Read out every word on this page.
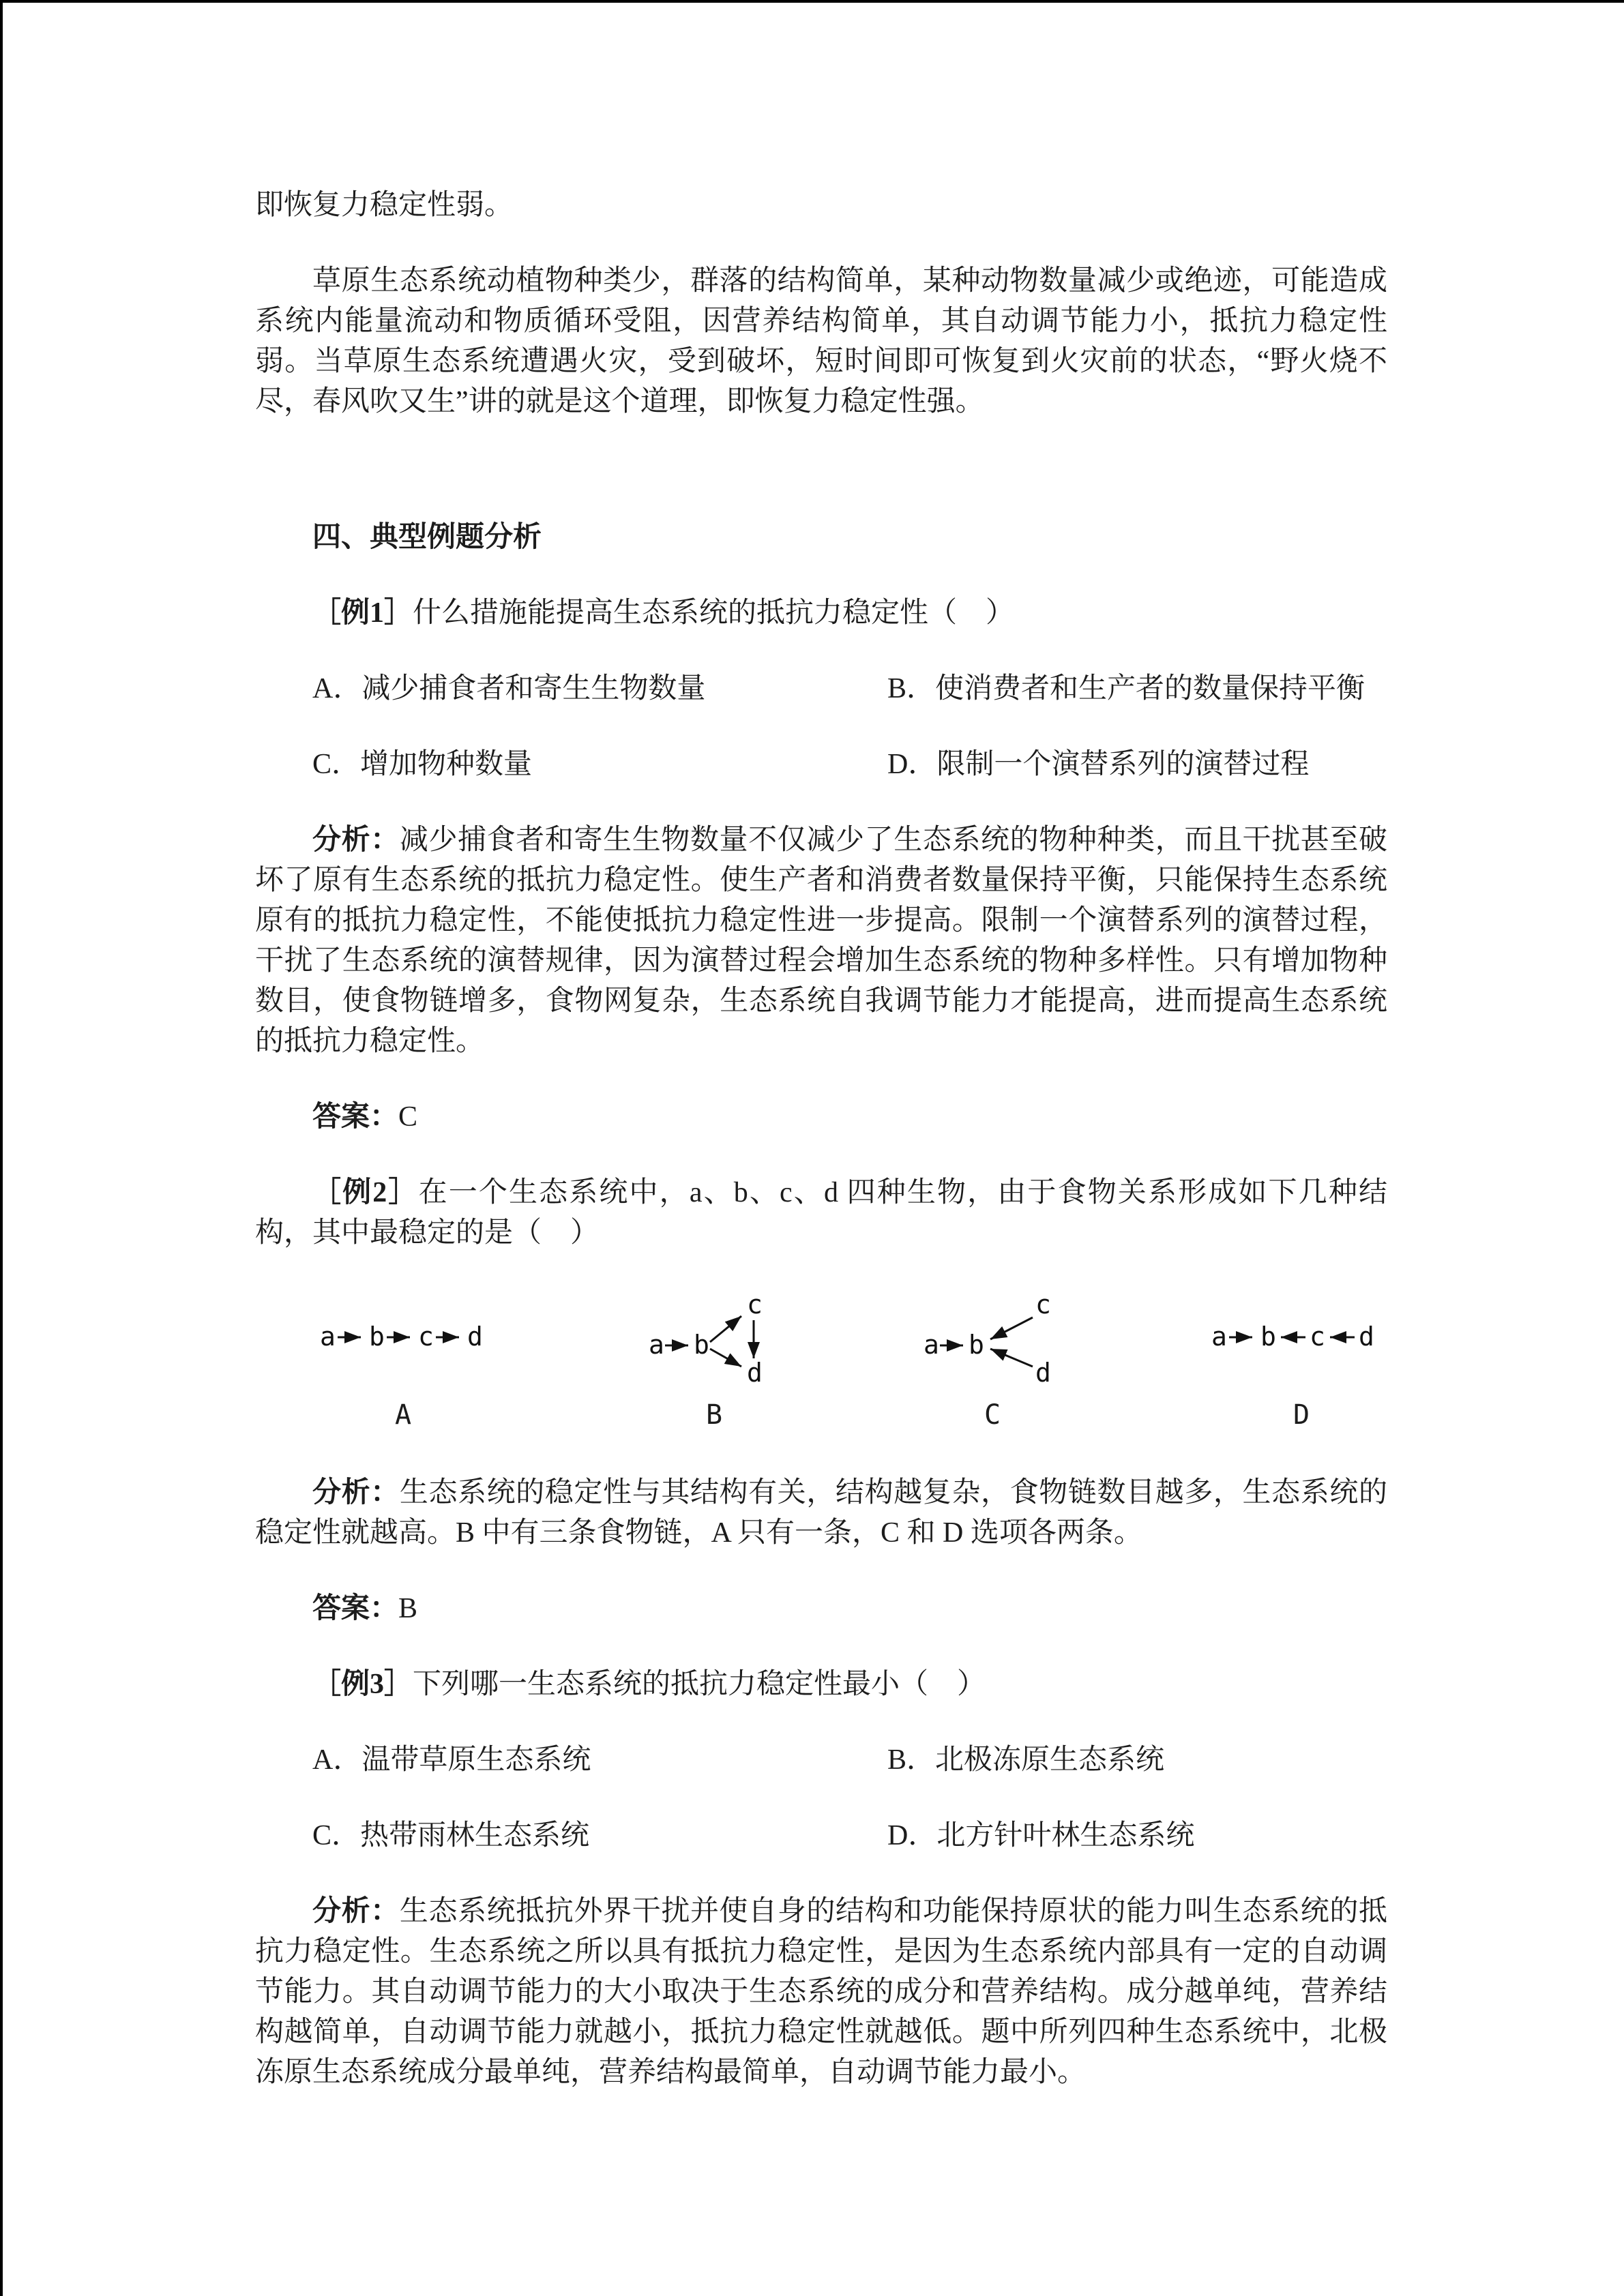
即恢复力稳定性弱。

草原生态系统动植物种类少，群落的结构简单，某种动物数量减少或绝迹，可能造成系统内能量流动和物质循环受阻，因营养结构简单，其自动调节能力小，抵抗力稳定性弱。当草原生态系统遭遇火灾，受到破坏，短时间即可恢复到火灾前的状态，“野火烧不尽，春风吹又生”讲的就是这个道理，即恢复力稳定性强。

四、典型例题分析

［例1］什么措施能提高生态系统的抵抗力稳定性（　）

A．减少捕食者和寄生生物数量	B．使消费者和生产者的数量保持平衡
C．增加物种数量	D．限制一个演替系列的演替过程

分析：减少捕食者和寄生生物数量不仅减少了生态系统的物种种类，而且干扰甚至破坏了原有生态系统的抵抗力稳定性。使生产者和消费者数量保持平衡，只能保持生态系统原有的抵抗力稳定性，不能使抵抗力稳定性进一步提高。限制一个演替系列的演替过程，干扰了生态系统的演替规律，因为演替过程会增加生态系统的物种多样性。只有增加物种数目，使食物链增多，食物网复杂，生态系统自我调节能力才能提高，进而提高生态系统的抵抗力稳定性。

答案：C

［例2］在一个生态系统中，a、b、c、d 四种生物，由于食物关系形成如下几种结构，其中最稳定的是（　）

a b c d
A
a b
c
d
B
a b
c
d
C
a b c d
D

分析：生态系统的稳定性与其结构有关，结构越复杂，食物链数目越多，生态系统的稳定性就越高。B 中有三条食物链，A 只有一条，C 和 D 选项各两条。

答案：B

［例3］下列哪一生态系统的抵抗力稳定性最小（　）

A．温带草原生态系统	B．北极冻原生态系统
C．热带雨林生态系统	D．北方针叶林生态系统

分析：生态系统抵抗外界干扰并使自身的结构和功能保持原状的能力叫生态系统的抵抗力稳定性。生态系统之所以具有抵抗力稳定性，是因为生态系统内部具有一定的自动调节能力。其自动调节能力的大小取决于生态系统的成分和营养结构。成分越单纯，营养结构越简单，自动调节能力就越小，抵抗力稳定性就越低。题中所列四种生态系统中，北极冻原生态系统成分最单纯，营养结构最简单，自动调节能力最小。
